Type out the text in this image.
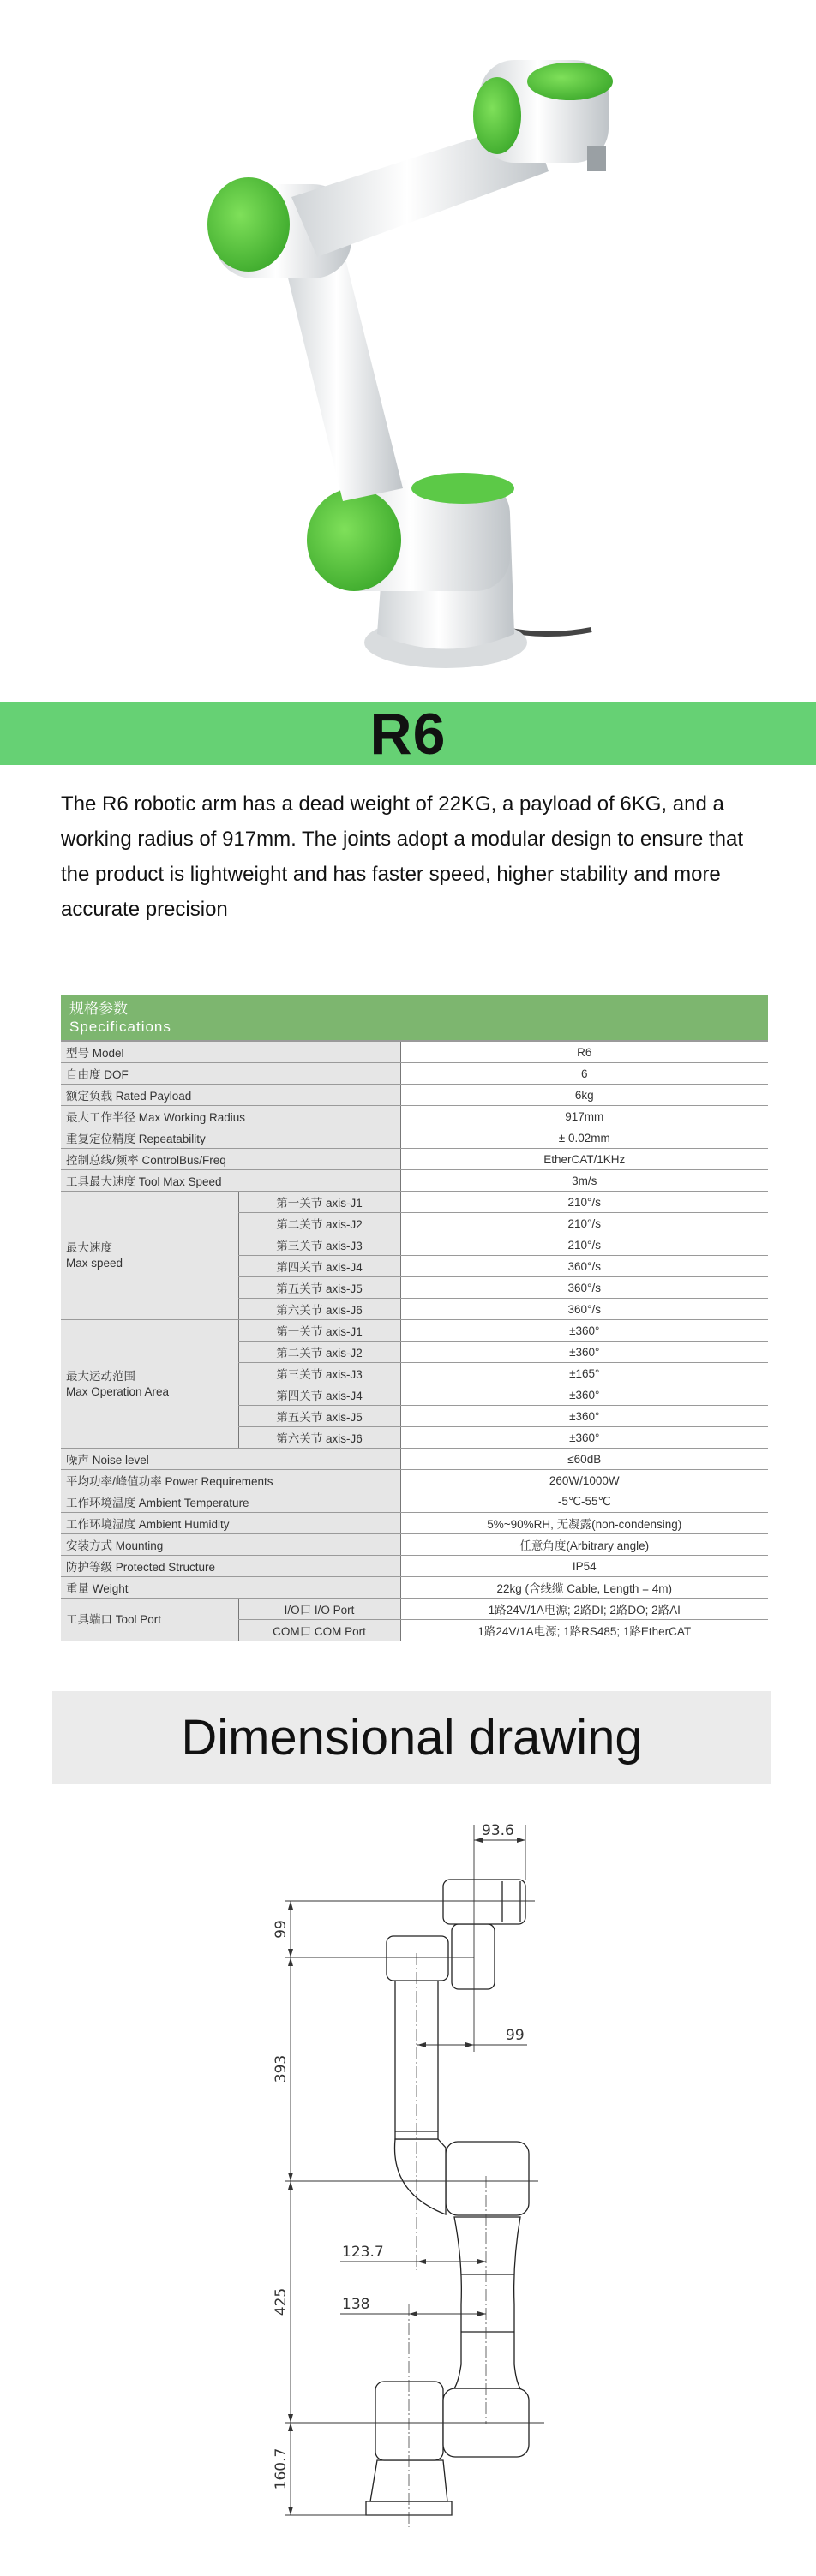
R6
The R6 robotic arm has a dead weight of 22KG, a payload of 6KG, and a working radius of 917mm. The joints adopt a modular design to ensure that the product is lightweight and has faster speed, higher stability and more accurate precision
规格参数
Specifications
型号 Model		R6
自由度 DOF		6
额定负载 Rated Payload		6kg
最大工作半径 Max Working Radius		917mm
重复定位精度 Repeatability		± 0.02mm
控制总线/频率 ControlBus/Freq		EtherCAT/1KHz
工具最大速度 Tool Max Speed		3m/s

最大速度
Max speed	第一关节 axis-J1	210°/s
	第二关节 axis-J2	210°/s
	第三关节 axis-J3	210°/s
	第四关节 axis-J4	360°/s
	第五关节 axis-J5	360°/s
	第六关节 axis-J6	360°/s

最大运动范围
Max Operation Area	第一关节 axis-J1	±360°
	第二关节 axis-J2	±360°
	第三关节 axis-J3	±165°
	第四关节 axis-J4	±360°
	第五关节 axis-J5	±360°
	第六关节 axis-J6	±360°
噪声 Noise level		≤60dB
平均功率/峰值功率 Power Requirements		260W/1000W
工作环境温度 Ambient Temperature		-5℃-55℃
工作环境湿度 Ambient Humidity		5%~90%RH, 无凝露(non-condensing)
安装方式 Mounting		任意角度(Arbitrary angle)
防护等级 Protected Structure		IP54
重量 Weight		22kg (含线缆 Cable, Length = 4m)

工具端口 Tool Port	I/O口 I/O Port	1路24V/1A电源; 2路DI; 2路DO; 2路AI
	COM口 COM Port	1路24V/1A电源; 1路RS485; 1路EtherCAT
Dimensional drawing
93.6
99
393
99
425
123.7
138
160.7
